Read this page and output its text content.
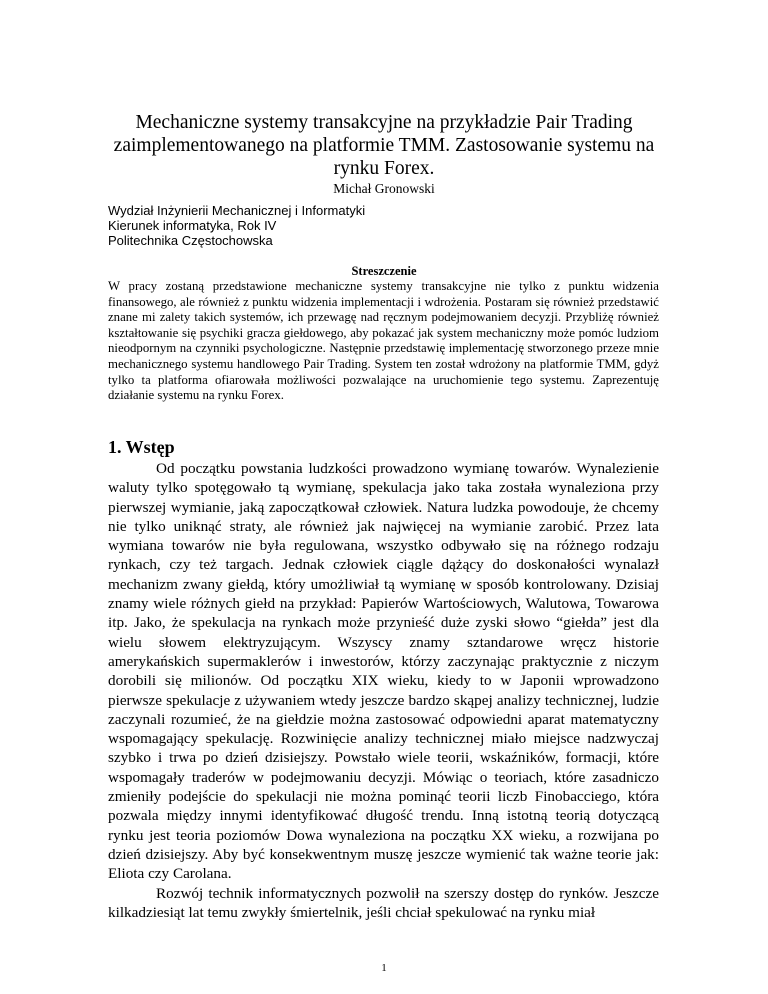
Mechaniczne systemy transakcyjne na przykładzie Pair Trading zaimplementowanego na platformie TMM. Zastosowanie systemu na rynku Forex.
Michał Gronowski
Wydział Inżynierii Mechanicznej i Informatyki
Kierunek informatyka, Rok IV
Politechnika Częstochowska
Streszczenie
W pracy zostaną przedstawione mechaniczne systemy transakcyjne nie tylko z punktu widzenia finansowego, ale również z punktu widzenia implementacji i wdrożenia. Postaram się również przedstawić znane mi zalety takich systemów, ich przewagę nad ręcznym podejmowaniem decyzji. Przybliżę również kształtowanie się psychiki gracza giełdowego, aby pokazać jak system mechaniczny może pomóc ludziom nieodpornym na czynniki psychologiczne. Następnie przedstawię implementację stworzonego przeze mnie mechanicznego systemu handlowego Pair Trading. System ten został wdrożony na platformie TMM, gdyż tylko ta platforma ofiarowała możliwości pozwalające na uruchomienie tego systemu. Zaprezentuję działanie systemu na rynku Forex.
1. Wstęp

Od początku powstania ludzkości prowadzono wymianę towarów. Wynalezienie waluty tylko spotęgowało tą wymianę, spekulacja jako taka została wynaleziona przy pierwszej wymianie, jaką zapoczątkował człowiek. Natura ludzka powodouje, że chcemy nie tylko uniknąć straty, ale również jak najwięcej na wymianie zarobić. Przez lata wymiana towarów nie była regulowana, wszystko odbywało się na różnego rodzaju rynkach, czy też targach. Jednak człowiek ciągle dążący do doskonałości wynalazł mechanizm zwany giełdą, który umożliwiał tą wymianę w sposób kontrolowany. Dzisiaj znamy wiele różnych giełd na przykład: Papierów Wartościowych, Walutowa, Towarowa itp. Jako, że spekulacja na rynkach może przynieść duże zyski słowo “giełda” jest dla wielu słowem elektryzującym. Wszyscy znamy sztandarowe wręcz historie amerykańskich supermaklerów i inwestorów, którzy zaczynając praktycznie z niczym dorobili się milionów. Od początku XIX wieku, kiedy to w Japonii wprowadzono pierwsze spekulacje z używaniem wtedy jeszcze bardzo skąpej analizy technicznej, ludzie zaczynali rozumieć, że na giełdzie można zastosować odpowiedni aparat matematyczny wspomagający spekulację. Rozwinięcie analizy technicznej miało miejsce nadzwyczaj szybko i trwa po dzień dzisiejszy. Powstało wiele teorii, wskaźników, formacji, które wspomagały traderów w podejmowaniu decyzji. Mówiąc o teoriach, które zasadniczo zmieniły podejście do spekulacji nie można pominąć teorii liczb Finobacciego, która pozwala między innymi identyfikować długość trendu. Inną istotną teorią dotyczącą rynku jest teoria poziomów Dowa wynaleziona na początku XX wieku, a rozwijana po dzień dzisiejszy. Aby być konsekwentnym muszę jeszcze wymienić tak ważne teorie jak: Eliota czy Carolana.

Rozwój technik informatycznych pozwolił na szerszy dostęp do rynków. Jeszcze kilkadziesiąt lat temu zwykły śmiertelnik, jeśli chciał spekulować na rynku miał

1
